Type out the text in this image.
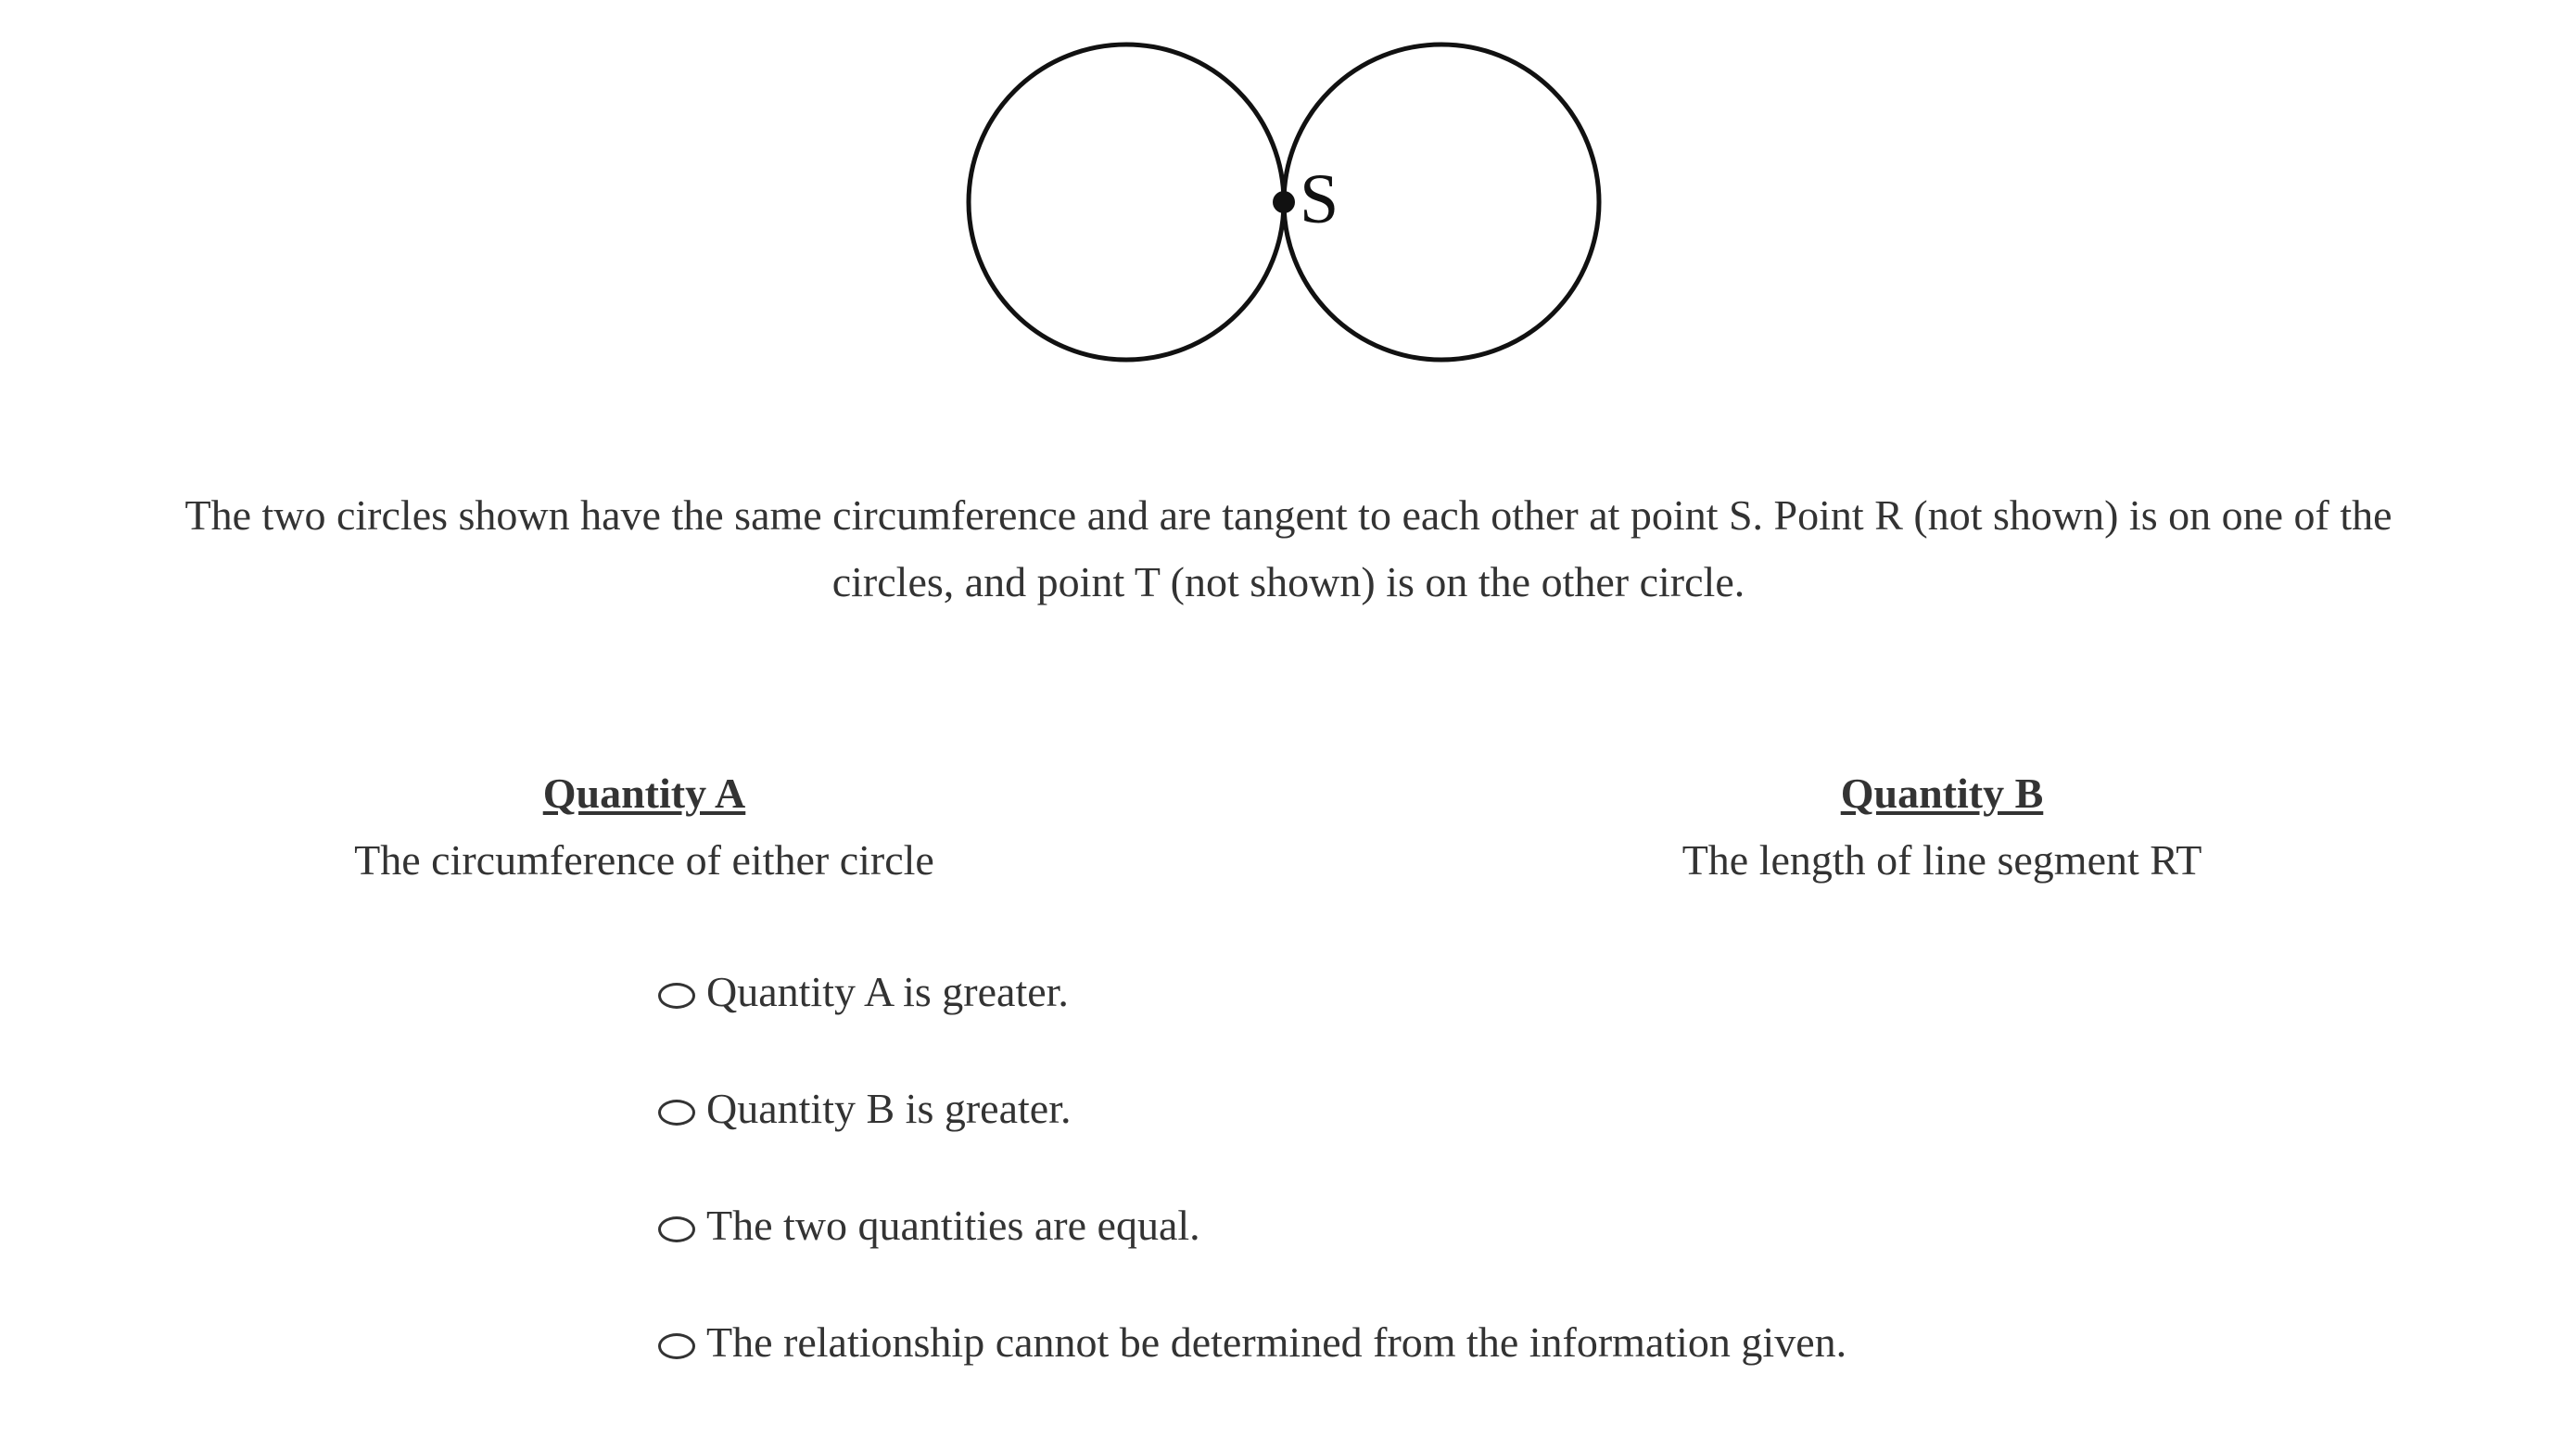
S
The two circles shown have the same circumference and are tangent to each other at point S. Point R (not shown) is on one of the circles, and point T (not shown) is on the other circle.
Quantity A
The circumference of either circle
Quantity B
The length of line segment RT
Quantity A is greater.
Quantity B is greater.
The two quantities are equal.
The relationship cannot be determined from the information given.
